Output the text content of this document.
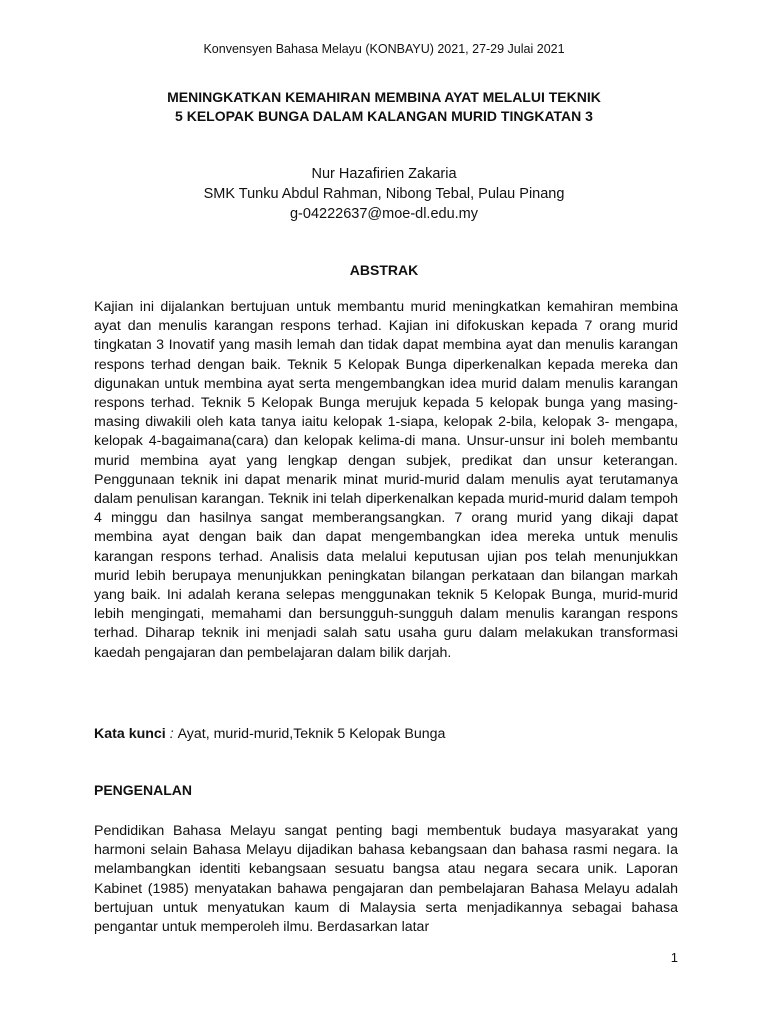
Konvensyen Bahasa Melayu (KONBAYU) 2021, 27-29 Julai 2021
MENINGKATKAN KEMAHIRAN MEMBINA AYAT MELALUI TEKNIK
5 KELOPAK BUNGA DALAM KALANGAN MURID TINGKATAN 3
Nur Hazafirien Zakaria
SMK Tunku Abdul Rahman, Nibong Tebal, Pulau Pinang
g-04222637@moe-dl.edu.my
ABSTRAK
Kajian ini dijalankan bertujuan untuk membantu murid meningkatkan kemahiran membina ayat dan menulis karangan respons terhad. Kajian ini difokuskan kepada 7 orang murid tingkatan 3 Inovatif yang masih lemah dan tidak dapat membina ayat dan menulis karangan respons terhad dengan baik. Teknik 5 Kelopak Bunga diperkenalkan kepada mereka dan digunakan untuk membina ayat serta mengembangkan idea murid dalam menulis karangan respons terhad. Teknik 5 Kelopak Bunga merujuk kepada 5 kelopak bunga yang masing-masing diwakili oleh kata tanya iaitu kelopak 1-siapa, kelopak 2-bila, kelopak 3- mengapa, kelopak 4-bagaimana(cara) dan kelopak kelima-di mana. Unsur-unsur ini boleh membantu murid membina ayat yang lengkap dengan subjek, predikat dan unsur keterangan. Penggunaan teknik ini dapat menarik minat murid-murid dalam menulis ayat terutamanya dalam penulisan karangan. Teknik ini telah diperkenalkan kepada murid-murid dalam tempoh 4 minggu dan hasilnya sangat memberangsangkan. 7 orang murid yang dikaji dapat membina ayat dengan baik dan dapat mengembangkan idea mereka untuk menulis karangan respons terhad. Analisis data melalui keputusan ujian pos telah menunjukkan murid lebih berupaya menunjukkan peningkatan bilangan perkataan dan bilangan markah yang baik. Ini adalah kerana selepas menggunakan teknik 5 Kelopak Bunga, murid-murid lebih mengingati, memahami dan bersungguh-sungguh dalam menulis karangan respons terhad. Diharap teknik ini menjadi salah satu usaha guru dalam melakukan transformasi kaedah pengajaran dan pembelajaran dalam bilik darjah.
Kata kunci : Ayat, murid-murid,Teknik 5 Kelopak Bunga
PENGENALAN
Pendidikan Bahasa Melayu sangat penting bagi membentuk budaya masyarakat yang harmoni selain Bahasa Melayu dijadikan bahasa kebangsaan dan bahasa rasmi negara. Ia melambangkan identiti kebangsaan sesuatu bangsa atau negara secara unik. Laporan Kabinet (1985) menyatakan bahawa pengajaran dan pembelajaran Bahasa Melayu adalah bertujuan untuk menyatukan kaum di Malaysia serta menjadikannya sebagai bahasa pengantar untuk memperoleh ilmu. Berdasarkan latar
1
